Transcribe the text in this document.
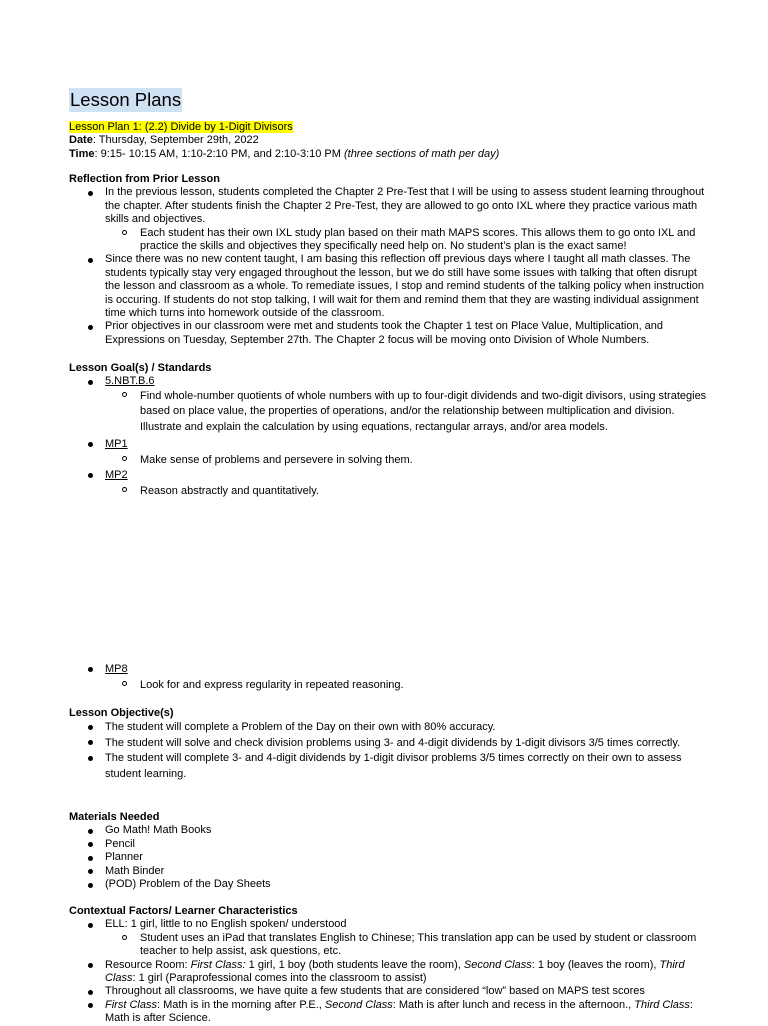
Lesson Plans
Lesson Plan 1: (2.2) Divide by 1-Digit Divisors
Date: Thursday, September 29th, 2022
Time: 9:15- 10:15 AM, 1:10-2:10 PM, and 2:10-3:10 PM (three sections of math per day)
Reflection from Prior Lesson
In the previous lesson, students completed the Chapter 2 Pre-Test that I will be using to assess student learning throughout the chapter. After students finish the Chapter 2 Pre-Test, they are allowed to go onto IXL where they practice various math skills and objectives.
Each student has their own IXL study plan based on their math MAPS scores. This allows them to go onto IXL and practice the skills and objectives they specifically need help on. No student’s plan is the exact same!
Since there was no new content taught, I am basing this reflection off previous days where I taught all math classes. The students typically stay very engaged throughout the lesson, but we do still have some issues with talking that often disrupt the lesson and classroom as a whole. To remediate issues, I stop and remind students of the talking policy when instruction is occuring. If students do not stop talking, I will wait for them and remind them that they are wasting individual assignment time which turns into homework outside of the classroom.
Prior objectives in our classroom were met and students took the Chapter 1 test on Place Value, Multiplication, and Expressions on Tuesday, September 27th. The Chapter 2 focus will be moving onto Division of Whole Numbers.
Lesson Goal(s) / Standards
5.NBT.B.6
Find whole-number quotients of whole numbers with up to four-digit dividends and two-digit divisors, using strategies based on place value, the properties of operations, and/or the relationship between multiplication and division. Illustrate and explain the calculation by using equations, rectangular arrays, and/or area models.
MP1
Make sense of problems and persevere in solving them.
MP2
Reason abstractly and quantitatively.
MP8
Look for and express regularity in repeated reasoning.
Lesson Objective(s)
The student will complete a Problem of the Day on their own with 80% accuracy.
The student will solve and check division problems using 3- and 4-digit dividends by 1-digit divisors 3/5 times correctly.
The student will complete 3- and 4-digit dividends by 1-digit divisor problems 3/5 times correctly on their own to assess student learning.
Materials Needed
Go Math! Math Books
Pencil
Planner
Math Binder
(POD) Problem of the Day Sheets
Contextual Factors/ Learner Characteristics
ELL: 1 girl, little to no English spoken/ understood
Student uses an iPad that translates English to Chinese; This translation app can be used by student or classroom teacher to help assist, ask questions, etc.
Resource Room: First Class: 1 girl, 1 boy (both students leave the room), Second Class: 1 boy (leaves the room), Third Class: 1 girl (Paraprofessional comes into the classroom to assist)
Throughout all classrooms, we have quite a few students that are considered “low” based on MAPS test scores
First Class: Math is in the morning after P.E., Second Class: Math is after lunch and recess in the afternoon., Third Class: Math is after Science.
